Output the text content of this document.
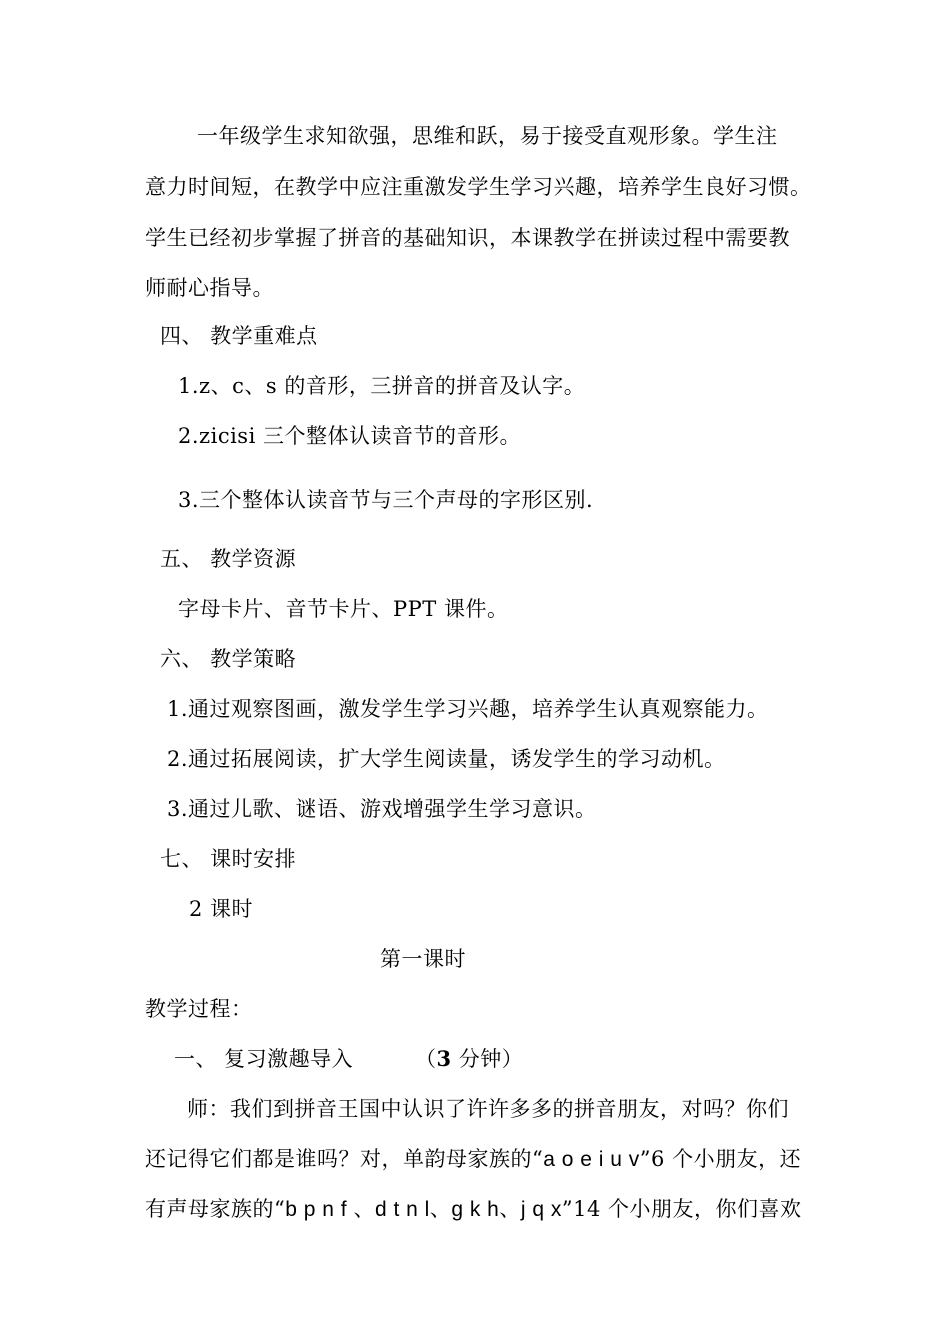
一年级学生求知欲强，思维和跃，易于接受直观形象。学生注
意力时间短，在教学中应注重激发学生学习兴趣，培养学生良好习惯。
学生已经初步掌握了拼音的基础知识，本课教学在拼读过程中需要教
师耐心指导。
四、 教学重难点
1.z、c、s 的音形，三拼音的拼音及认字。
2.zicisi 三个整体认读音节的音形。
3.三个整体认读音节与三个声母的字形区别.
五、 教学资源
字母卡片、音节卡片、PPT 课件。
六、 教学策略
1.通过观察图画，激发学生学习兴趣，培养学生认真观察能力。
2.通过拓展阅读，扩大学生阅读量，诱发学生的学习动机。
3.通过儿歌、谜语、游戏增强学生学习意识。
七、 课时安排
2 课时
第一课时
教学过程：
一、 复习激趣导入	（3 分钟）
师：我们到拼音王国中认识了许许多多的拼音朋友，对吗？你们
还记得它们都是谁吗？对，单韵母家族的“a o e i u v”6 个小朋友，还
有声母家族的“b p n f 、d t n l、g k h、j q x”14 个小朋友，你们喜欢
